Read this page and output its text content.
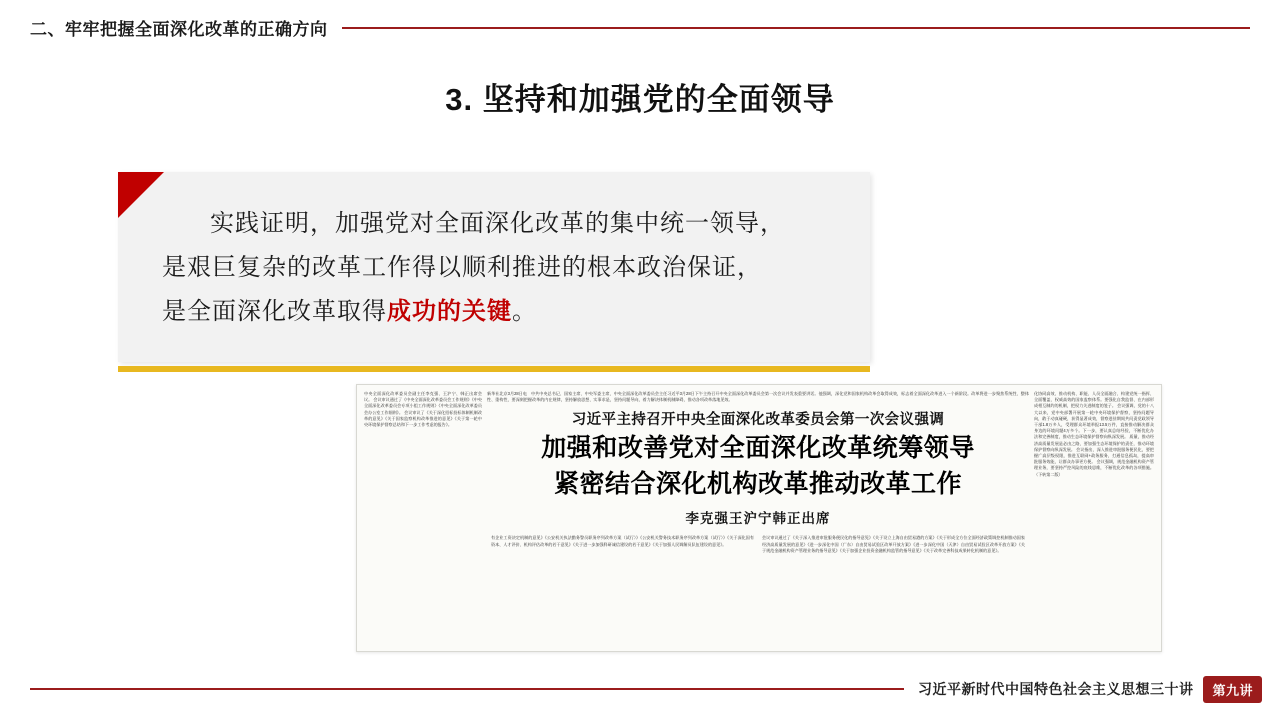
二、牢牢把握全面深化改革的正确方向
3. 坚持和加强党的全面领导
实践证明，加强党对全面深化改革的集中统一领导，
是艰巨复杂的改革工作得以顺利推进的根本政治保证，
是全面深化改革取得成功的关键。
中央全面深化改革委员会副主任李克强、王沪宁、韩正出席会议。 会议审议通过了《中央全面深化改革委员会工作规则》《中央全面深化改革委员会专项小组工作规则》《中央全面深化改革委员会办公室工作细则》。 会议审议了《关于深化招标投标体制机制改革的意见》《关于国家监察机构改革推进的意见》《关于第一轮中央环境保护督察总结和下一步工作考虑的报告》。
新华社北京3月28日电　中共中央总书记、国家主席、中央军委主席，中央全面深化改革委员会主任习近平3月28日下午主持召开中央全面深化改革委员会第一次会议并发表重要讲话。他强调，深化党和国家机构改革会取得成效，标志着全面深化改革进入一个新阶段。改革将进一步聚焦系统性、整体性、重构性，要深刻把握改革的内在规律，坚持解放思想、实事求是，坚持问题导向，着力解决体制机制障碍，推动各项改革落地见效。
习近平主持召开中央全面深化改革委员会第一次会议强调
加强和改善党对全面深化改革统筹领导
紧密结合深化机构改革推动改革工作
李克强王沪宁韩正出席
有企业工资决定机制的意见》《公安机关执法勤务警员职务序列改革方案（试行）》《公安机关警务技术职务序列改革方案（试行）》《关于深化国有资本、人才评价、机构评估改革的若干意见》《关于进一步加强科研诚信建设的若干意见》《关于加强人民调解员队伍建设的意见》。
会议审议通过了《关于深入推进审批服务便民化的指导意见》《关于设立上海自由贸易港的方案》《关于形成全方位全面经济政策调控机制推动国家经济高质量发展的意见》《进一步深化中国（广东）自由贸易试验区改革开放方案》《进一步深化中国（天津）自由贸易试验区改革开放方案》《关于规范金融机构资产管理业务的指导意见》《关于加强企业投资金融机构监管的指导意见》《关于改革完善科技成果转化机制的意见》。
化协同高效、推动机构、职能、人员全面融合、构建党统一指挥、全面覆盖、权威高效的国家监察体系。要强化自我监督、在内部形成相互制约的机制，把权力关进制度的笼子。 会议强调，党的十八大以来，党中央部署开展第一轮中央环境保护督察，坚持问题导向，敢于动真碰硬，获得显著成效，督察进驻期间共问责党政领导干部1.8万多人，受理群众环境举报13.5万件，直接推动解决群众身边的环境问题4万多个。下一步，要认真总结经验，不断优化办法和完善制度，推动生态环境保护督察向纵深发展。 质量，推动经济高质量发展是必由之路，要加强生态环境保护的责任，推动环境保护督察向纵深发展。 会议指出，深入推进审批服务便民化，要把握广高层级权限，推进互联网+政务服务，打通信息孤岛，提高审批服务效能，让群众办事更方便。 会议强调，规范金融机构资产管理业务，要坚持严控风险的底线思维，不断优化改革的各项措施。 （下转第二版）
习近平新时代中国特色社会主义思想三十讲	第九讲
